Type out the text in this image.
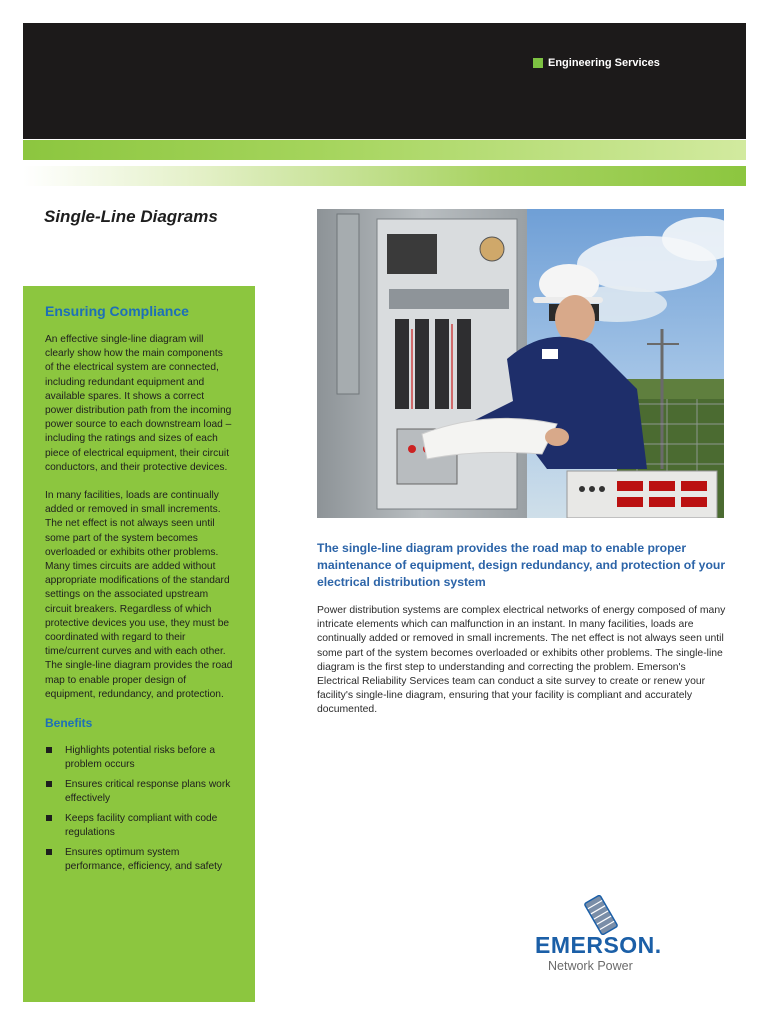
Engineering Services
Single-Line Diagrams
Ensuring Compliance

An effective single-line diagram will clearly show how the main components of the electrical system are connected, including redundant equipment and available spares. It shows a correct power distribution path from the incoming power source to each downstream load – including the ratings and sizes of each piece of electrical equipment, their circuit conductors, and their protective devices.

In many facilities, loads are continually added or removed in small increments. The net effect is not always seen until some part of the system becomes overloaded or exhibits other problems. Many times circuits are added without appropriate modifications of the standard settings on the associated upstream circuit breakers. Regardless of which protective devices you use, they must be coordinated with regard to their time/current curves and with each other. The single-line diagram provides the road map to enable proper design of equipment, redundancy, and protection.

Benefits
Highlights potential risks before a problem occurs
Ensures critical response plans work effectively
Keeps facility compliant with code regulations
Ensures optimum system performance, efficiency, and safety

The single-line diagram provides the road map to enable proper maintenance of equipment, design redundancy, and protection of your electrical distribution system

Power distribution systems are complex electrical networks of energy composed of many intricate elements which can malfunction in an instant. In many facilities, loads are continually added or removed in small increments. The net effect is not always seen until some part of the system becomes overloaded or exhibits other problems. The single-line diagram is the first step to understanding and correcting the problem. Emerson's Electrical Reliability Services team can conduct a site survey to create or renew your facility's single-line diagram, ensuring that your facility is compliant and accurately documented.

EMERSON.
Network Power
